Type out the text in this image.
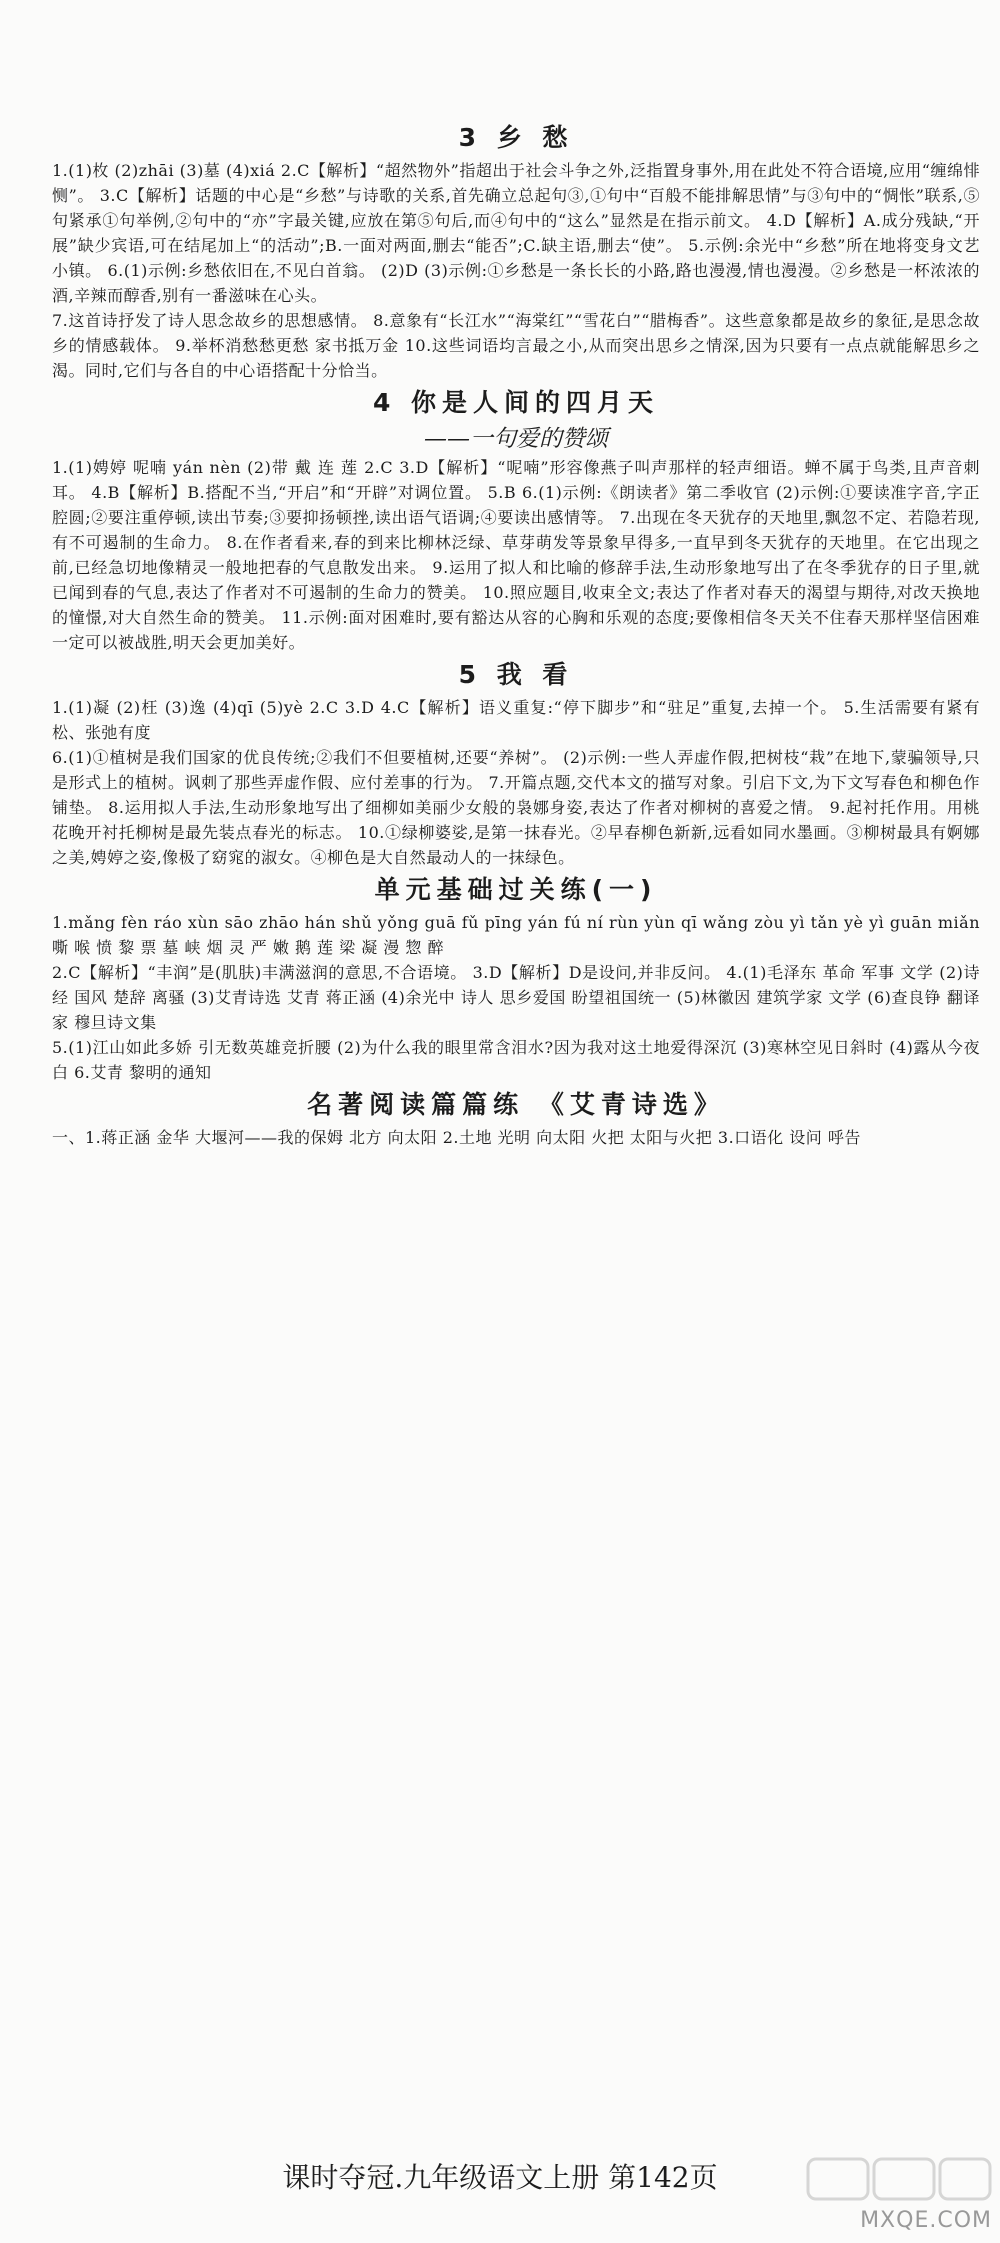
3 乡 愁

1.(1)枚 (2)zhāi (3)墓 (4)xiá 2.C【解析】“超然物外”指超出于社会斗争之外,泛指置身事外,用在此处不符合语境,应用“缠绵悱恻”。 3.C【解析】话题的中心是“乡愁”与诗歌的关系,首先确立总起句③,①句中“百般不能排解思情”与③句中的“惆怅”联系,⑤句紧承①句举例,②句中的“亦”字最关键,应放在第⑤句后,而④句中的“这么”显然是在指示前文。 4.D【解析】A.成分残缺,“开展”缺少宾语,可在结尾加上“的活动”;B.一面对两面,删去“能否”;C.缺主语,删去“使”。 5.示例:余光中“乡愁”所在地将变身文艺小镇。 6.(1)示例:乡愁依旧在,不见白首翁。 (2)D (3)示例:①乡愁是一条长长的小路,路也漫漫,情也漫漫。②乡愁是一杯浓浓的酒,辛辣而醇香,别有一番滋味在心头。

7.这首诗抒发了诗人思念故乡的思想感情。 8.意象有“长江水”“海棠红”“雪花白”“腊梅香”。这些意象都是故乡的象征,是思念故乡的情感载体。 9.举杯消愁愁更愁 家书抵万金 10.这些词语均言最之小,从而突出思乡之情深,因为只要有一点点就能解思乡之渴。同时,它们与各自的中心语搭配十分恰当。

4 你是人间的四月天

——一句爱的赞颂

1.(1)娉婷 呢喃 yán nèn (2)带 戴 连 莲 2.C 3.D【解析】“呢喃”形容像燕子叫声那样的轻声细语。蝉不属于鸟类,且声音刺耳。 4.B【解析】B.搭配不当,“开启”和“开辟”对调位置。 5.B 6.(1)示例:《朗读者》第二季收官 (2)示例:①要读准字音,字正腔圆;②要注重停顿,读出节奏;③要抑扬顿挫,读出语气语调;④要读出感情等。 7.出现在冬天犹存的天地里,飘忽不定、若隐若现,有不可遏制的生命力。 8.在作者看来,春的到来比柳林泛绿、草芽萌发等景象早得多,一直早到冬天犹存的天地里。在它出现之前,已经急切地像精灵一般地把春的气息散发出来。 9.运用了拟人和比喻的修辞手法,生动形象地写出了在冬季犹存的日子里,就已闻到春的气息,表达了作者对不可遏制的生命力的赞美。 10.照应题目,收束全文;表达了作者对春天的渴望与期待,对改天换地的憧憬,对大自然生命的赞美。 11.示例:面对困难时,要有豁达从容的心胸和乐观的态度;要像相信冬天关不住春天那样坚信困难一定可以被战胜,明天会更加美好。

5 我 看

1.(1)凝 (2)枉 (3)逸 (4)qī (5)yè 2.C 3.D 4.C【解析】语义重复:“停下脚步”和“驻足”重复,去掉一个。 5.生活需要有紧有松、张弛有度

6.(1)①植树是我们国家的优良传统;②我们不但要植树,还要“养树”。 (2)示例:一些人弄虚作假,把树枝“栽”在地下,蒙骗领导,只是形式上的植树。讽刺了那些弄虚作假、应付差事的行为。 7.开篇点题,交代本文的描写对象。引启下文,为下文写春色和柳色作铺垫。 8.运用拟人手法,生动形象地写出了细柳如美丽少女般的袅娜身姿,表达了作者对柳树的喜爱之情。 9.起衬托作用。用桃花晚开衬托柳树是最先装点春光的标志。 10.①绿柳婆娑,是第一抹春光。②早春柳色新新,远看如同水墨画。③柳树最具有婀娜之美,娉婷之姿,像极了窈窕的淑女。④柳色是大自然最动人的一抹绿色。

单元基础过关练(一)

1.mǎng fèn ráo xùn sāo zhāo hán shǔ yǒng guā fǔ pīng yán fú ní rùn yùn qī wǎng zòu yì tǎn yè yì guān miǎn 嘶 喉 愤 黎 票 墓 峡 烟 灵 严 嫩 鹅 莲 梁 凝 漫 惣 醉

2.C【解析】“丰润”是(肌肤)丰满滋润的意思,不合语境。 3.D【解析】D是设问,并非反问。 4.(1)毛泽东 革命 军事 文学 (2)诗经 国风 楚辞 离骚 (3)艾青诗选 艾青 蒋正涵 (4)余光中 诗人 思乡爱国 盼望祖国统一 (5)林徽因 建筑学家 文学 (6)查良铮 翻译家 穆旦诗文集

5.(1)江山如此多娇 引无数英雄竞折腰 (2)为什么我的眼里常含泪水?因为我对这土地爱得深沉 (3)寒林空见日斜时 (4)露从今夜白 6.艾青 黎明的通知

名著阅读篇篇练 《艾青诗选》

一、1.蒋正涵 金华 大堰河——我的保姆 北方 向太阳 2.土地 光明 向太阳 火把 太阳与火把 3.口语化 设问 呼告

课时夺冠.九年级语文上册 第142页
MXQE.COM
